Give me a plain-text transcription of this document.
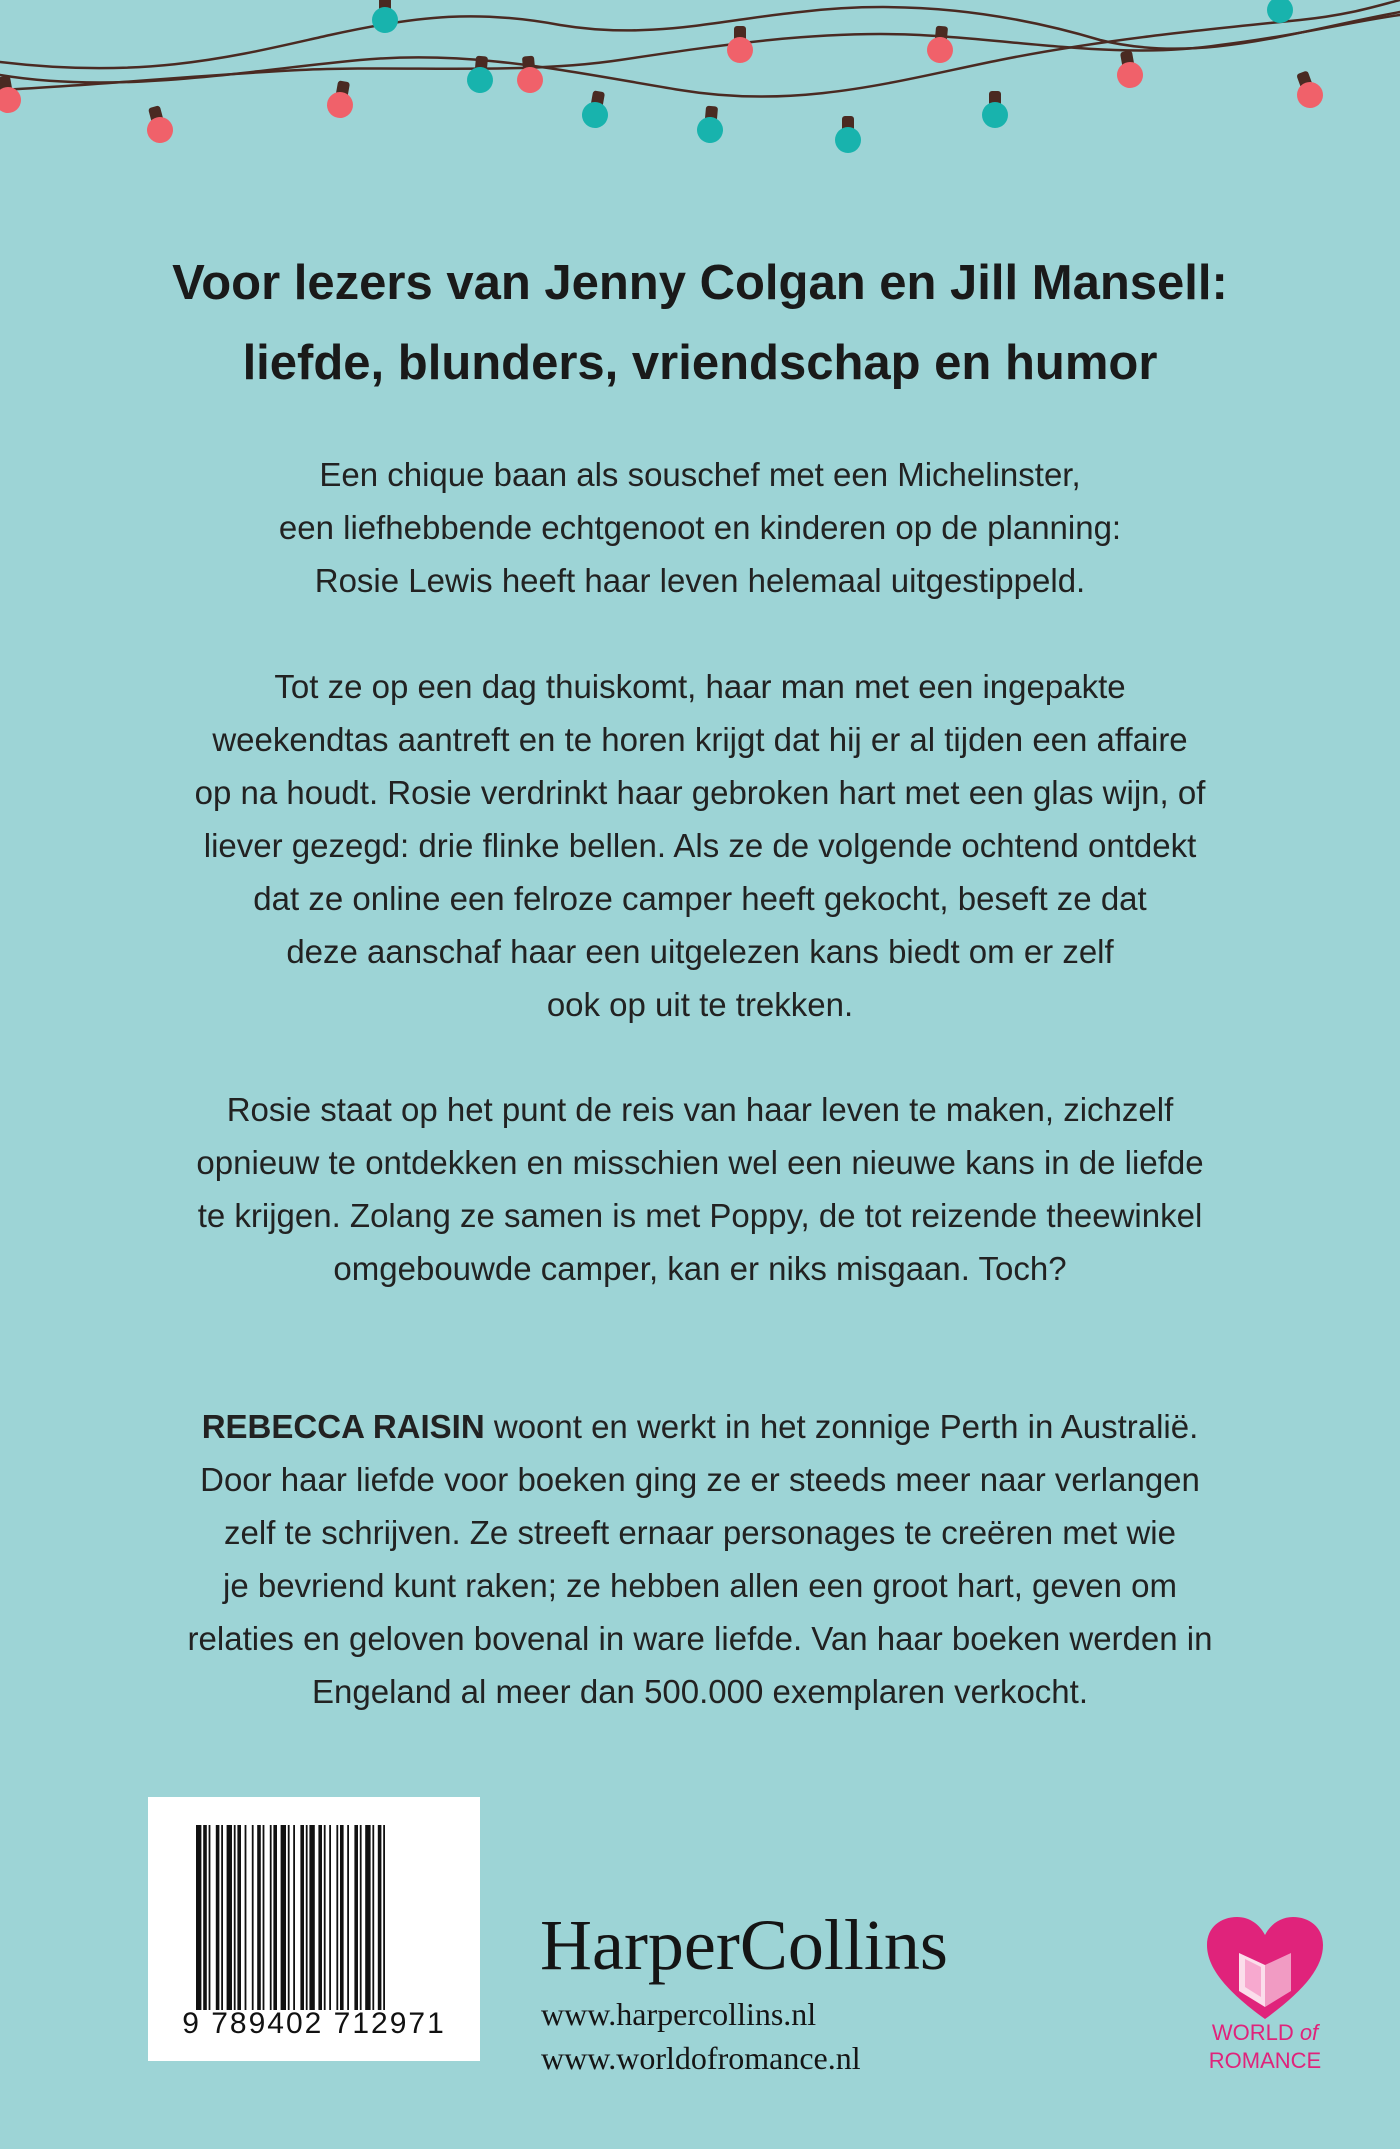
Voor lezers van Jenny Colgan en Jill Mansell:
liefde, blunders, vriendschap en humor

Een chique baan als souschef met een Michelinster,
een liefhebbende echtgenoot en kinderen op de planning:
Rosie Lewis heeft haar leven helemaal uitgestippeld.

Tot ze op een dag thuiskomt, haar man met een ingepakte
weekendtas aantreft en te horen krijgt dat hij er al tijden een affaire
op na houdt. Rosie verdrinkt haar gebroken hart met een glas wijn, of
liever gezegd: drie flinke bellen. Als ze de volgende ochtend ontdekt
dat ze online een felroze camper heeft gekocht, beseft ze dat
deze aanschaf haar een uitgelezen kans biedt om er zelf
ook op uit te trekken.

Rosie staat op het punt de reis van haar leven te maken, zichzelf
opnieuw te ontdekken en misschien wel een nieuwe kans in de liefde
te krijgen. Zolang ze samen is met Poppy, de tot reizende theewinkel
omgebouwde camper, kan er niks misgaan. Toch?

REBECCA RAISIN woont en werkt in het zonnige Perth in Australië.
Door haar liefde voor boeken ging ze er steeds meer naar verlangen
zelf te schrijven. Ze streeft ernaar personages te creëren met wie
je bevriend kunt raken; ze hebben allen een groot hart, geven om
relaties en geloven bovenal in ware liefde. Van haar boeken werden in
Engeland al meer dan 500.000 exemplaren verkocht.

9 789402 712971
HarperCollins
www.harpercollins.nl
www.worldofromance.nl
WORLD of
ROMANCE
